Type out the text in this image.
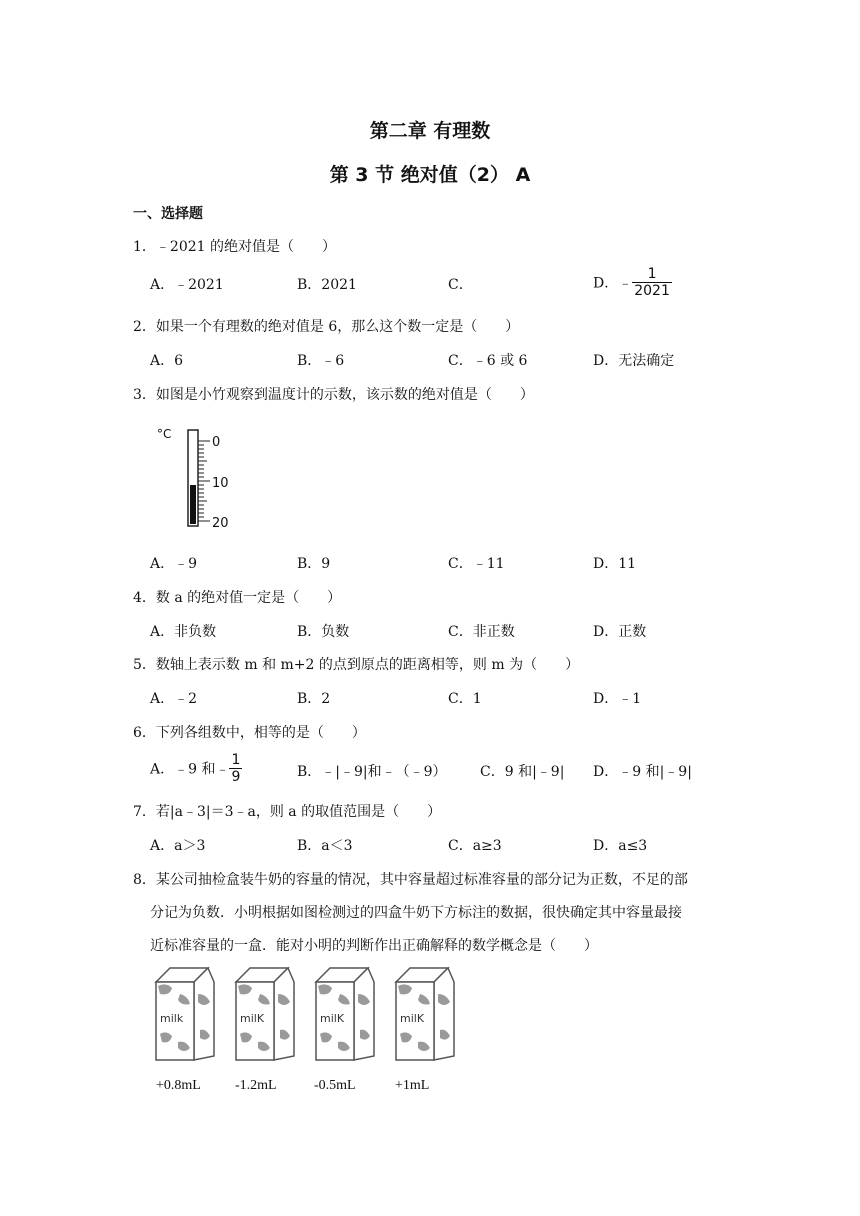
第二章 有理数
第 3 节 绝对值（2） A
一、选择题
1．﹣2021 的绝对值是（　　）
A．﹣2021	B．2021	C．	D．﹣ $\frac{1}{2021}$
2．如果一个有理数的绝对值是 6，那么这个数一定是（　　）
A．6	B．﹣6	C．﹣6 或 6	D．无法确定
3．如图是小竹观察到温度计的示数，该示数的绝对值是（　　）
°C
0
10
20
A．﹣9	B．9	C．﹣11	D．11
4．数 a 的绝对值一定是（　　）
A．非负数	B．负数	C．非正数	D．正数
5．数轴上表示数 m 和 m+2 的点到原点的距离相等，则 m 为（　　）
A．﹣2	B．2	C．1	D．﹣1
6．下列各组数中，相等的是（　　）
A．﹣9 和﹣ $\frac{1}{9}$	B．﹣|﹣9|和﹣（﹣9） C．9 和|﹣9| D．﹣9 和|﹣9|
7．若|a﹣3|＝3﹣a，则 a 的取值范围是（　　）
A．a＞3	B．a＜3	C．a≥3	D．a≤3
8．某公司抽检盒装牛奶的容量的情况，其中容量超过标准容量的部分记为正数，不足的部
分记为负数．小明根据如图检测过的四盒牛奶下方标注的数据，很快确定其中容量最接
近标准容量的一盒．能对小明的判断作出正确解释的数学概念是（　　）
milk	milK	milK	milK
+0.8mL -1.2mL	-0.5mL	+1mL
